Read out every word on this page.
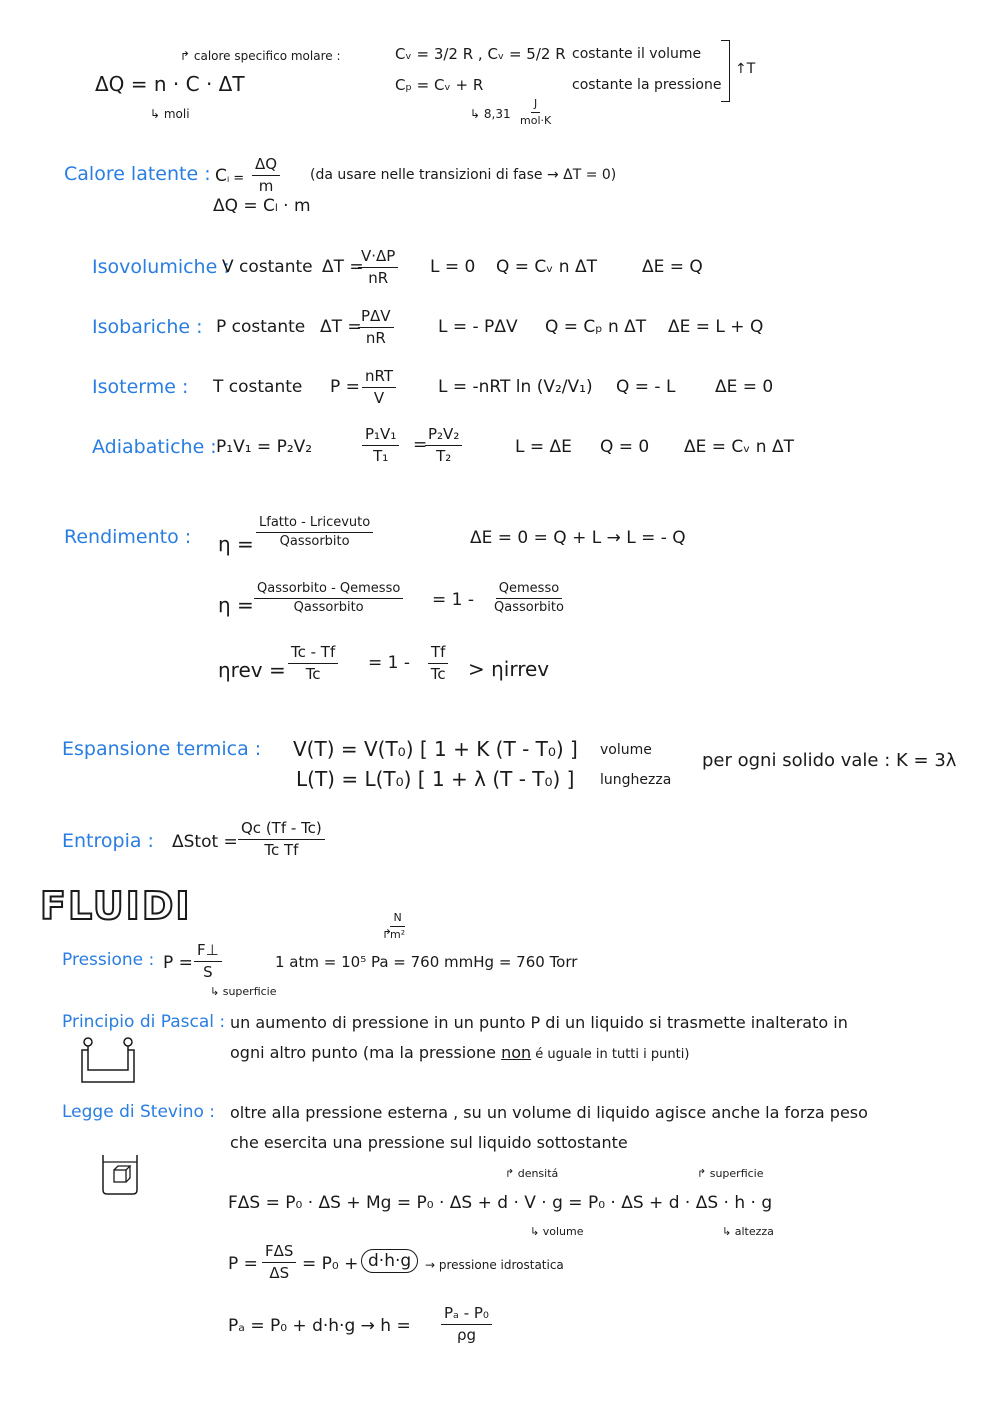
ΔQ = n · C · ΔT
↱ calore specifico molare :
↳ moli
Cᵥ = 3/2 R , Cᵥ = 5/2 R
Cₚ = Cᵥ + R
↳ 8,31
J
mol·K
costante il volume
costante la pressione
↑T
Calore latente : C $_l = \frac{\Delta Q}{m} (da$ usare nelle transizioni di fase → ΔT = 0)
ΔQ = Cₗ · m
Isovolumiche :
V costante ΔT =
$\frac{V\cdot\Delta P}{nR}$ L = 0 Q = Cᵥ n ΔT	ΔE = Q
Isobariche : P costante ΔT =
PΔV
nR
L = - PΔV Q = Cₚ n ΔT ΔE = L + Q
Isoterme : T costante P =
nRT
V
L = -nRT ln (V₂/V₁) Q = - L ΔE = 0
Adiabatiche : P₁V₁ = P₂V₂	$\frac{\text{P₁V₁}}{\text{T₁}}$ =
$\frac{\text{P₂V₂}}{\text{T₂}}$	L = ΔE Q = 0 ΔE = Cᵥ n ΔT
Rendimento : η =
Lfatto - Lricevuto
Qassorbito	ΔE = 0 = Q + L → L = - Q
η =
Qassorbito - Qemesso
Qassorbito	= 1 -
Qemesso
Qassorbito
$\eta rev = \frac{Tc - Tf}{Tc} = 1 - \frac{Tf}{Tc}$ > ηirrev
Espansione termica : V(T) = V(T₀) [ 1 + K (T - T₀) ]
L(T) = L(T₀) [ 1 + λ (T - T₀) ]
volume
lunghezza
per ogni solido vale : K = 3λ
Entropia : ΔStot = $\frac{Qc (Tf - Tc)}{\text{Tc Tf}}$
FLUIDI
Pressione : $P = \frac{F\perp}{S}$
↳ superficie
1 atm = 10⁵ Pa = 760 mmHg = 760 Torr
↱
$\frac{N}{\text{m²}}$
Principio di Pascal : un aumento di pressione in un punto P di un liquido si trasmette inalterato in
ogni altro punto (ma la pressione non é uguale in tutti i punti)
Legge di Stevino : oltre alla pressione esterna , su un volume di liquido agisce anche la forza peso
che esercita una pressione sul liquido sottostante
↱ densitá	↱ superficie
FΔS = P₀ · ΔS + Mg = P₀ · ΔS + d · V · g = P₀ · ΔS + d · ΔS · h · g
↳ volume	↳ altezza
P =
FΔS
ΔS = P₀ + d·h·g	→ pressione idrostatica
$P_a = P_0 + d\cdot h\cdot g \to h = \frac{\text{Pₐ - P₀}}{\rho g}$
